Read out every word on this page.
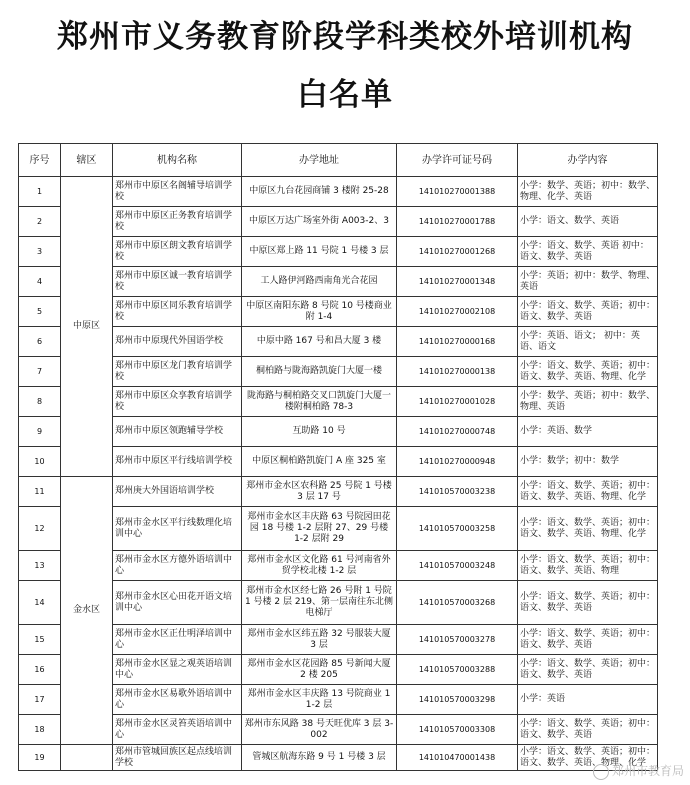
郑州市义务教育阶段学科类校外培训机构
白名单
序号	辖区	机构名称	办学地址	办学许可证号码	办学内容
1	中原区	郑州市中原区名阁辅导培训学校	中原区九台花园商铺 3 楼附 25-28	141010270001388	小学：数学、英语；初中：数学、物理、化学、英语
2		郑州市中原区正务教育培训学校	中原区万达广场室外街 A003-2、3	141010270001788	小学：语文、数学、英语
3		郑州市中原区朗文教育培训学校	中原区郑上路 11 号院 1 号楼 3 层	141010270001268	小学：语文、数学、英语 初中：语文、数学、英语
4		郑州市中原区诚一教育培训学校	工人路伊河路西南角光合花园	141010270001348	小学：英语；初中：数学、物理、英语
5		郑州市中原区同乐教育培训学校	中原区南阳东路 8 号院 10 号楼商业附 1-4	141010270002108	小学：语文、数学、英语；初中：语文、数学、英语
6		郑州市中原现代外国语学校	中原中路 167 号和昌大厦 3 楼	141010270000168	小学：英语、语文； 初中：英语、语文
7		郑州市中原区龙门教育培训学校	桐柏路与陇海路凯旋门大厦一楼	141010270000138	小学：语文、数学、英语；初中：语文、数学、英语、物理、化学
8		郑州市中原区众享教育培训学校	陇海路与桐柏路交叉口凯旋门大厦一楼附桐柏路 78-3	141010270001028	小学：数学、英语；初中：数学、物理、英语
9		郑州市中原区领跑辅导学校	互助路 10 号	141010270000748	小学：英语、数学
10		郑州市中原区平行线培训学校	中原区桐柏路凯旋门 A 座 325 室	141010270000948	小学：数学；初中：数学
11	金水区	郑州庚大外国语培训学校	郑州市金水区农科路 25 号院 1 号楼 3 层 17 号	141010570003238	小学：语文、数学、英语；初中：语文、数学、英语、物理、化学
12		郑州市金水区平行线数理化培训中心	郑州市金水区丰庆路 63 号院园田花园 18 号楼 1-2 层附 27、29 号楼 1-2 层附 29	141010570003258	小学：语文、数学、英语；初中：语文、数学、英语、物理、化学
13		郑州市金水区方德外语培训中心	郑州市金水区文化路 61 号河南省外贸学校北楼 1-2 层	141010570003248	小学：语文、数学、英语；初中：语文、数学、英语、物理
14		郑州市金水区心田花开语文培训中心	郑州市金水区经七路 26 号附 1 号院 1 号楼 2 层 219、第一层南往东北侧电梯厅	141010570003268	小学：语文、数学、英语；初中：语文、数学、英语
15		郑州市金水区正仕明泽培训中心	郑州市金水区纬五路 32 号服装大厦 3 层	141010570003278	小学：语文、数学、英语；初中：语文、数学、英语
16		郑州市金水区显之观英语培训中心	郑州市金水区花园路 85 号新闻大厦 2 楼 205	141010570003288	小学：语文、数学、英语；初中：语文、数学、英语
17		郑州市金水区易歌外语培训中心	郑州市金水区丰庆路 13 号院商业 1　1-2 层	141010570003298	小学：英语
18		郑州市金水区灵笞英语培训中心	郑州市东风路 38 号天旺优库 3 层 3-002	141010570003308	小学：语文、数学、英语；初中：语文、数学、英语
19		郑州市管城回族区起点线培训学校	管城区航海东路 9 号 1 号楼 3 层	141010470001438	小学：语文、数学、英语；初中：语文、数学、英语、物理、化学
郑州市教育局
